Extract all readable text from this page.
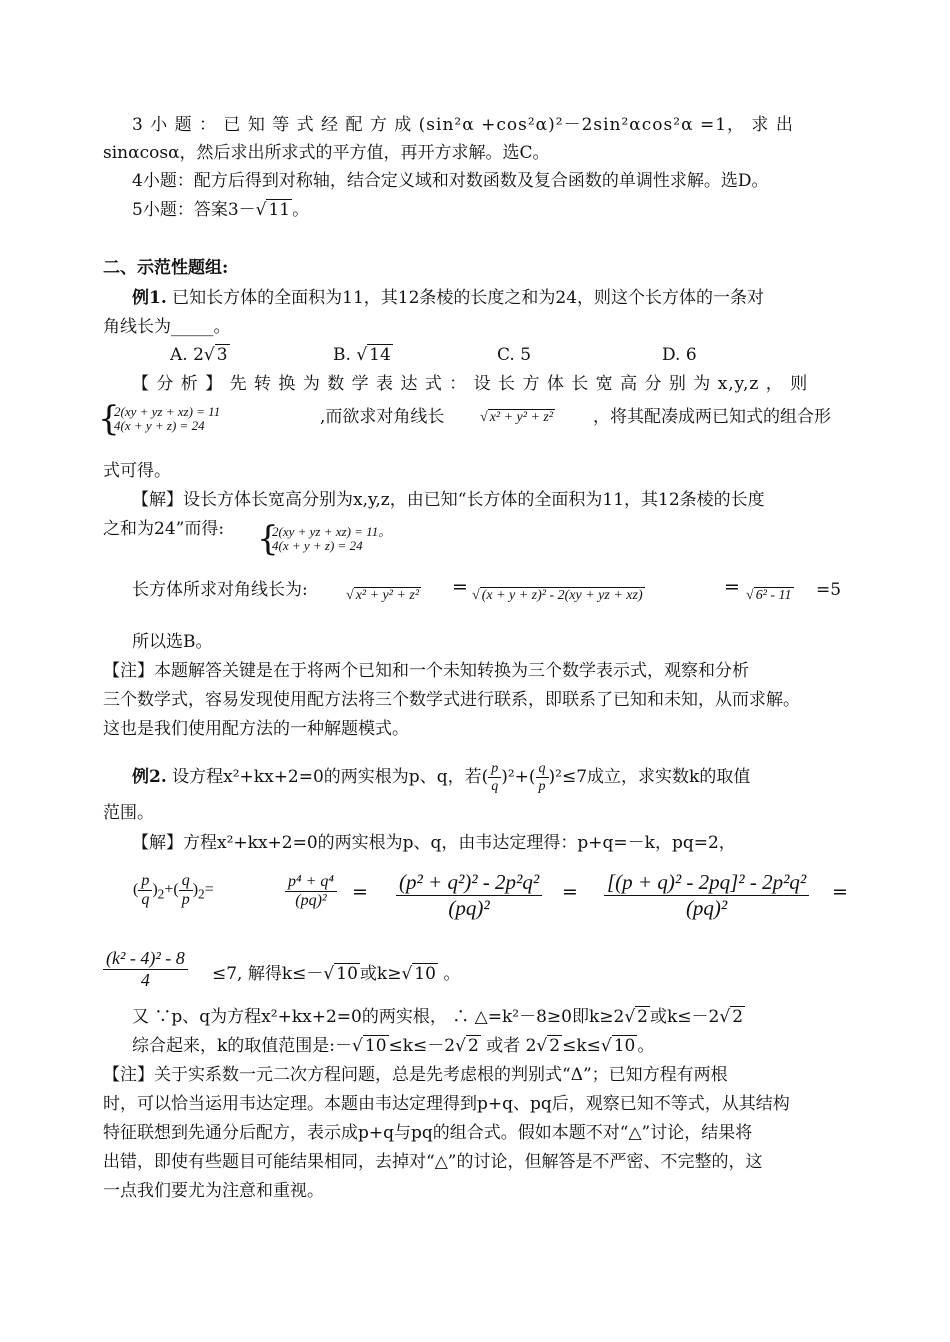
3 小 题 ： 已 知 等 式 经 配 方 成 (sin²α +cos²α)²－2sin²αcos²α =1， 求 出
sinαcosα，然后求出所求式的平方值，再开方求解。选C。
4小题：配方后得到对称轴，结合定义域和对数函数及复合函数的单调性求解。选D。
5小题：答案3－√ 11 。
二、示范性题组:
例1. 已知长方体的全面积为11，其12条棱的长度之和为24，则这个长方体的一条对
角线长为_____。
A. 2√ 3	B. √ 14	C. 5	D. 6
【 分 析 】 先 转 换 为 数 学 表 达 式 ： 设 长 方 体 长 宽 高 分 别 为 x,y,z ， 则
{
2(xy + yz + xz) = 11
4(x + y + z) = 24	,而欲求对角线长	√ x² + y² + z² ，将其配凑成两已知式的组合形
式可得。
【解】设长方体长宽高分别为x,y,z，由已知“长方体的全面积为11，其12条棱的长度
之和为24”而得: {
2(xy + yz + xz) = 11。
4(x + y + z) = 24
长方体所求对角线长为:	√ x² + y² + z² = √ (x + y + z)² - 2(xy + yz + xz)	= √ 6² - 11 =5
所以选B。
【注】本题解答关键是在于将两个已知和一个未知转换为三个数学表示式，观察和分析
三个数学式，容易发现使用配方法将三个数学式进行联系，即联系了已知和未知，从而求解。
这也是我们使用配方法的一种解题模式。
例2. 设方程x²+kx+2=0的两实根为p、q，若( $\frac{p}{q} )^2+( \frac{q}{p} )^2\le 7$成立，求实数k的取值
范围。
【解】方程x²+kx+2=0的两实根为p、q，由韦达定理得：p+q=－k，pq=2，
( $\frac{p}{q} )_2+( \frac{q}{p} )_2=$	$\frac{\text{p⁴ + q⁴}}{\text{(pq)²}} = \frac{\text{(p² + q²)² - 2p²q²}}{\text{(pq)²}} = \frac{\text{[(p + q)² - 2pq]² - 2p²q²}}{\text{(pq)²}}$ =
$\frac{\text{(k² - 4)² - 8}}{4} \le 7$, 解得k≤－√ 10 或k≥√ 10 。
又 ∵p、q为方程x²+kx+2=0的两实根， ∴ △=k²－8≥0即k≥2√ 2 或k≤－2√ 2
综合起来，k的取值范围是:－√ 10 ≤k≤－2√ 2 或者 2√ 2 ≤k≤√ 10 。
【注】关于实系数一元二次方程问题，总是先考虑根的判别式“Δ”；已知方程有两根
时，可以恰当运用韦达定理。本题由韦达定理得到p+q、pq后，观察已知不等式，从其结构
特征联想到先通分后配方，表示成p+q与pq的组合式。假如本题不对“△”讨论，结果将
出错，即使有些题目可能结果相同，去掉对“△”的讨论，但解答是不严密、不完整的，这
一点我们要尤为注意和重视。
